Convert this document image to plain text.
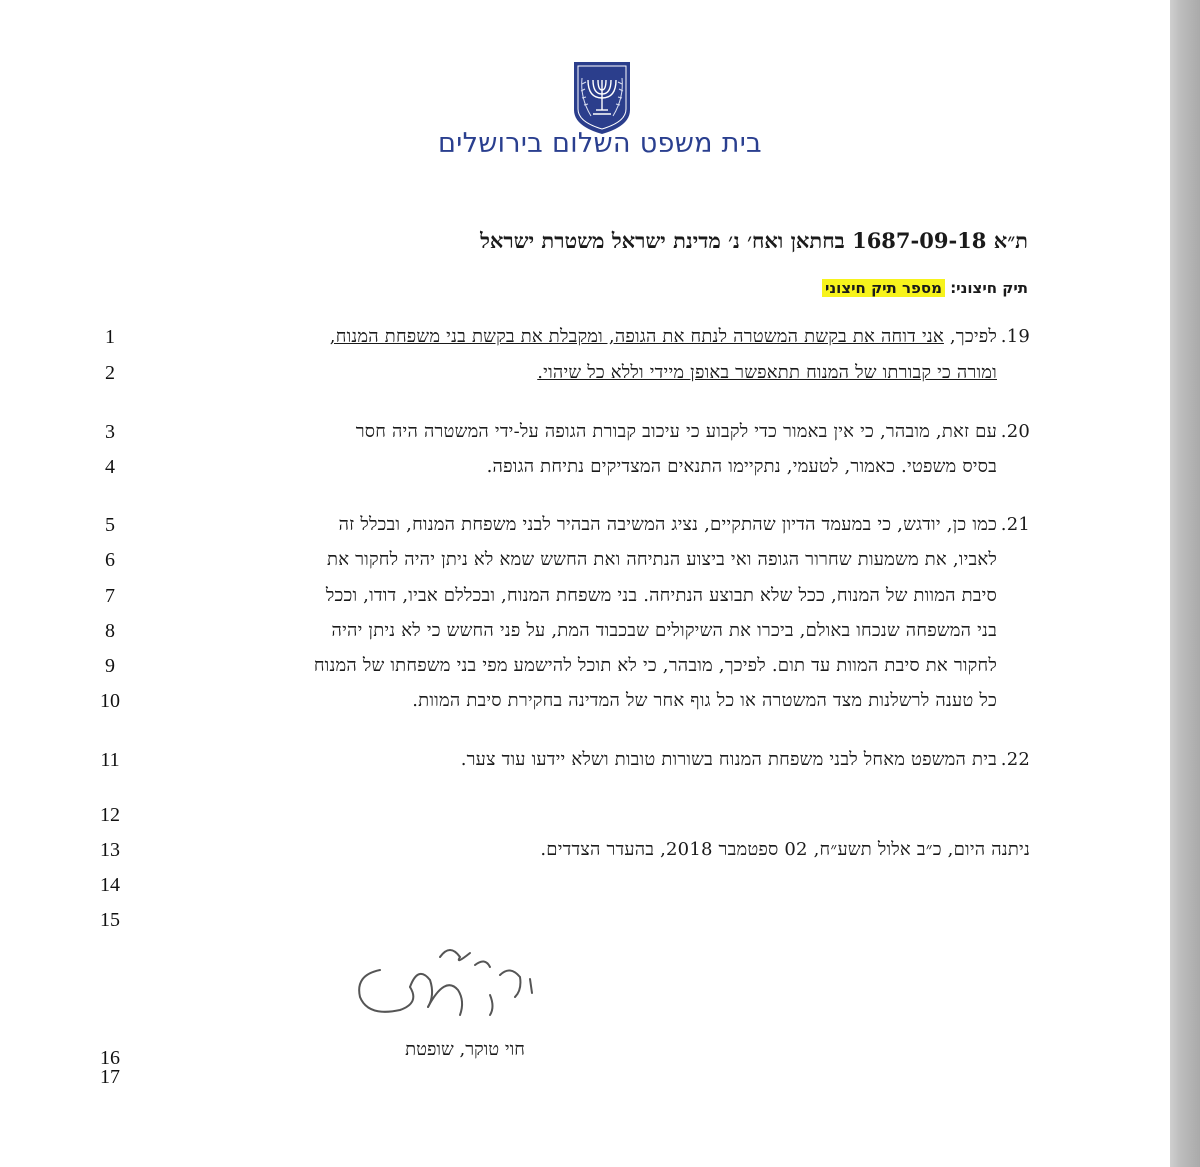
בית משפט השלום בירושלים
ת״א 1687-09-18 בחתאן ואח׳ נ׳ מדינת ישראל משטרת ישראל
תיק חיצוני: מספר תיק חיצוני
1
2
3
4
5
6
7
8
9
10
11
12
13
14
15
16
17
19.לפיכך, אני דוחה את בקשת המשטרה לנתח את הגופה, ומקבלת את בקשת בני משפחת המנוח,
ומורה כי קבורתו של המנוח תתאפשר באופן מיידי וללא כל שיהוי.
20.עם זאת, מובהר, כי אין באמור כדי לקבוע כי עיכוב קבורת הגופה על-ידי המשטרה היה חסר
בסיס משפטי. כאמור, לטעמי, נתקיימו התנאים המצדיקים נתיחת הגופה.
21.כמו כן, יודגש, כי במעמד הדיון שהתקיים, נציג המשיבה הבהיר לבני משפחת המנוח, ובכלל זה
לאביו, את משמעות שחרור הגופה ואי ביצוע הנתיחה ואת החשש שמא לא ניתן יהיה לחקור את
סיבת המוות של המנוח, ככל שלא תבוצע הנתיחה. בני משפחת המנוח, ובכללם אביו, דודו, וככל
בני המשפחה שנכחו באולם, ביכרו את השיקולים שבכבוד המת, על פני החשש כי לא ניתן יהיה
לחקור את סיבת המוות עד תום. לפיכך, מובהר, כי לא תוכל להישמע מפי בני משפחתו של המנוח
כל טענה לרשלנות מצד המשטרה או כל גוף אחר של המדינה בחקירת סיבת המוות.
22.בית המשפט מאחל לבני משפחת המנוח בשורות טובות ושלא יידעו עוד צער.
ניתנה היום, כ״ב אלול תשע״ח, 02 ספטמבר 2018, בהעדר הצדדים.
חוי טוקר, שופטת
